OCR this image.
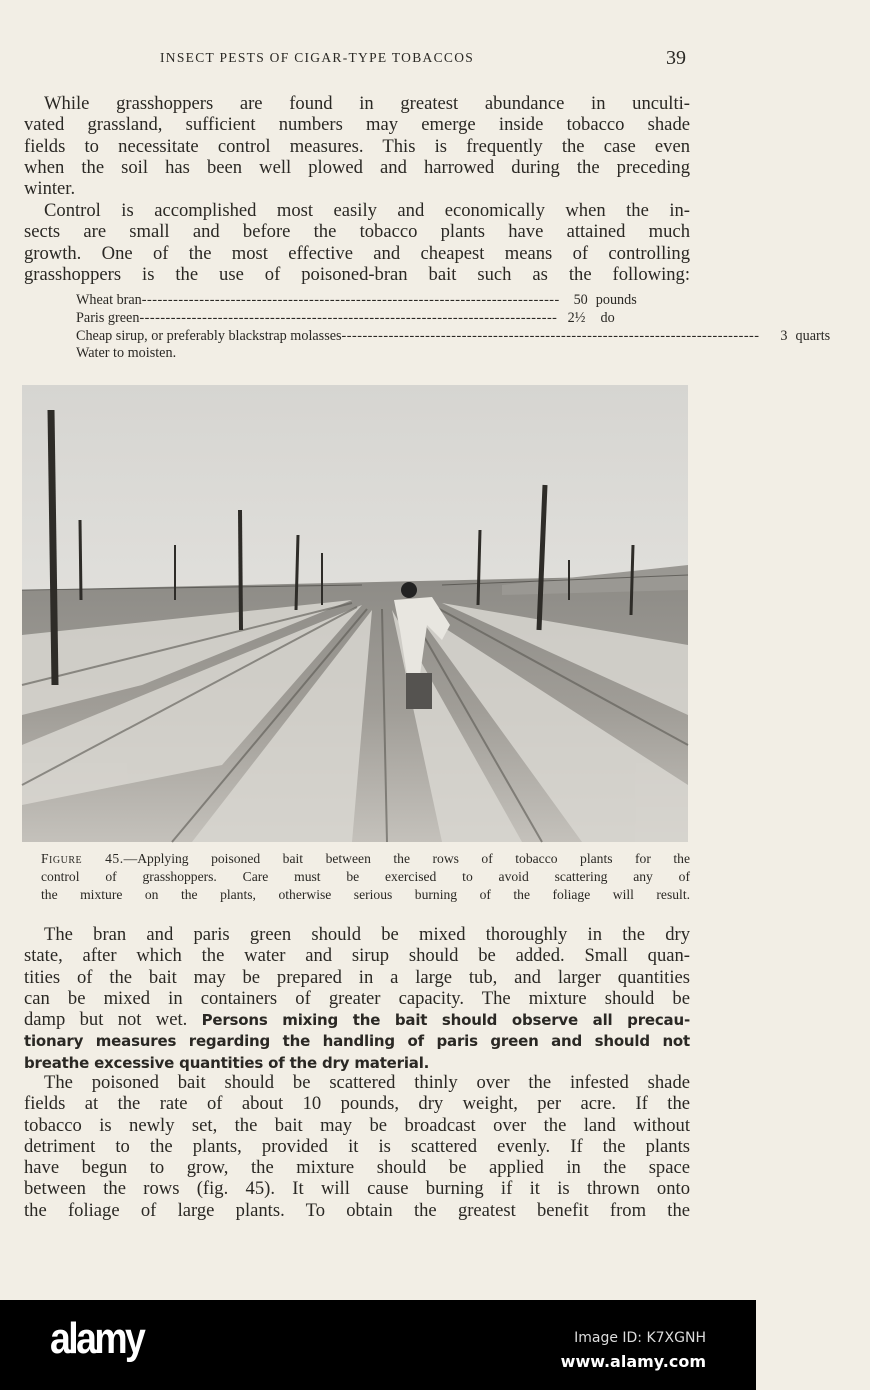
INSECT PESTS OF CIGAR-TYPE TOBACCOS	39
While grasshoppers are found in greatest abundance in unculti-
vated grassland, sufficient numbers may emerge inside tobacco shade
fields to necessitate control measures. This is frequently the case even
when the soil has been well plowed and harrowed during the preceding
winter.
Control is accomplished most easily and economically when the in-
sects are small and before the tobacco plants have attained much
growth. One of the most effective and cheapest means of controlling
grasshoppers is the use of poisoned-bran bait such as the following:
Wheat bran -------------------------------------------------------------------------------- 50 pounds
Paris green -------------------------------------------------------------------------------- 2½ do
Cheap sirup, or preferably blackstrap molasses --------------------------------------------------------------------------------	3 quarts
Water to moisten.
Figure 45.—Applying poisoned bait between the rows of tobacco plants for the
control of grasshoppers. Care must be exercised to avoid scattering any of
the mixture on the plants, otherwise serious burning of the foliage will result.
The bran and paris green should be mixed thoroughly in the dry
state, after which the water and sirup should be added. Small quan-
tities of the bait may be prepared in a large tub, and larger quantities
can be mixed in containers of greater capacity. The mixture should be
damp but not wet. Persons mixing the bait should observe all precau-
tionary measures regarding the handling of paris green and should not
breathe excessive quantities of the dry material.
The poisoned bait should be scattered thinly over the infested shade
fields at the rate of about 10 pounds, dry weight, per acre. If the
tobacco is newly set, the bait may be broadcast over the land without
detriment to the plants, provided it is scattered evenly. If the plants
have begun to grow, the mixture should be applied in the space
between the rows (fig. 45). It will cause burning if it is thrown onto
the foliage of large plants. To obtain the greatest benefit from the
alamy	Image ID: K7XGNH
www.alamy.com
